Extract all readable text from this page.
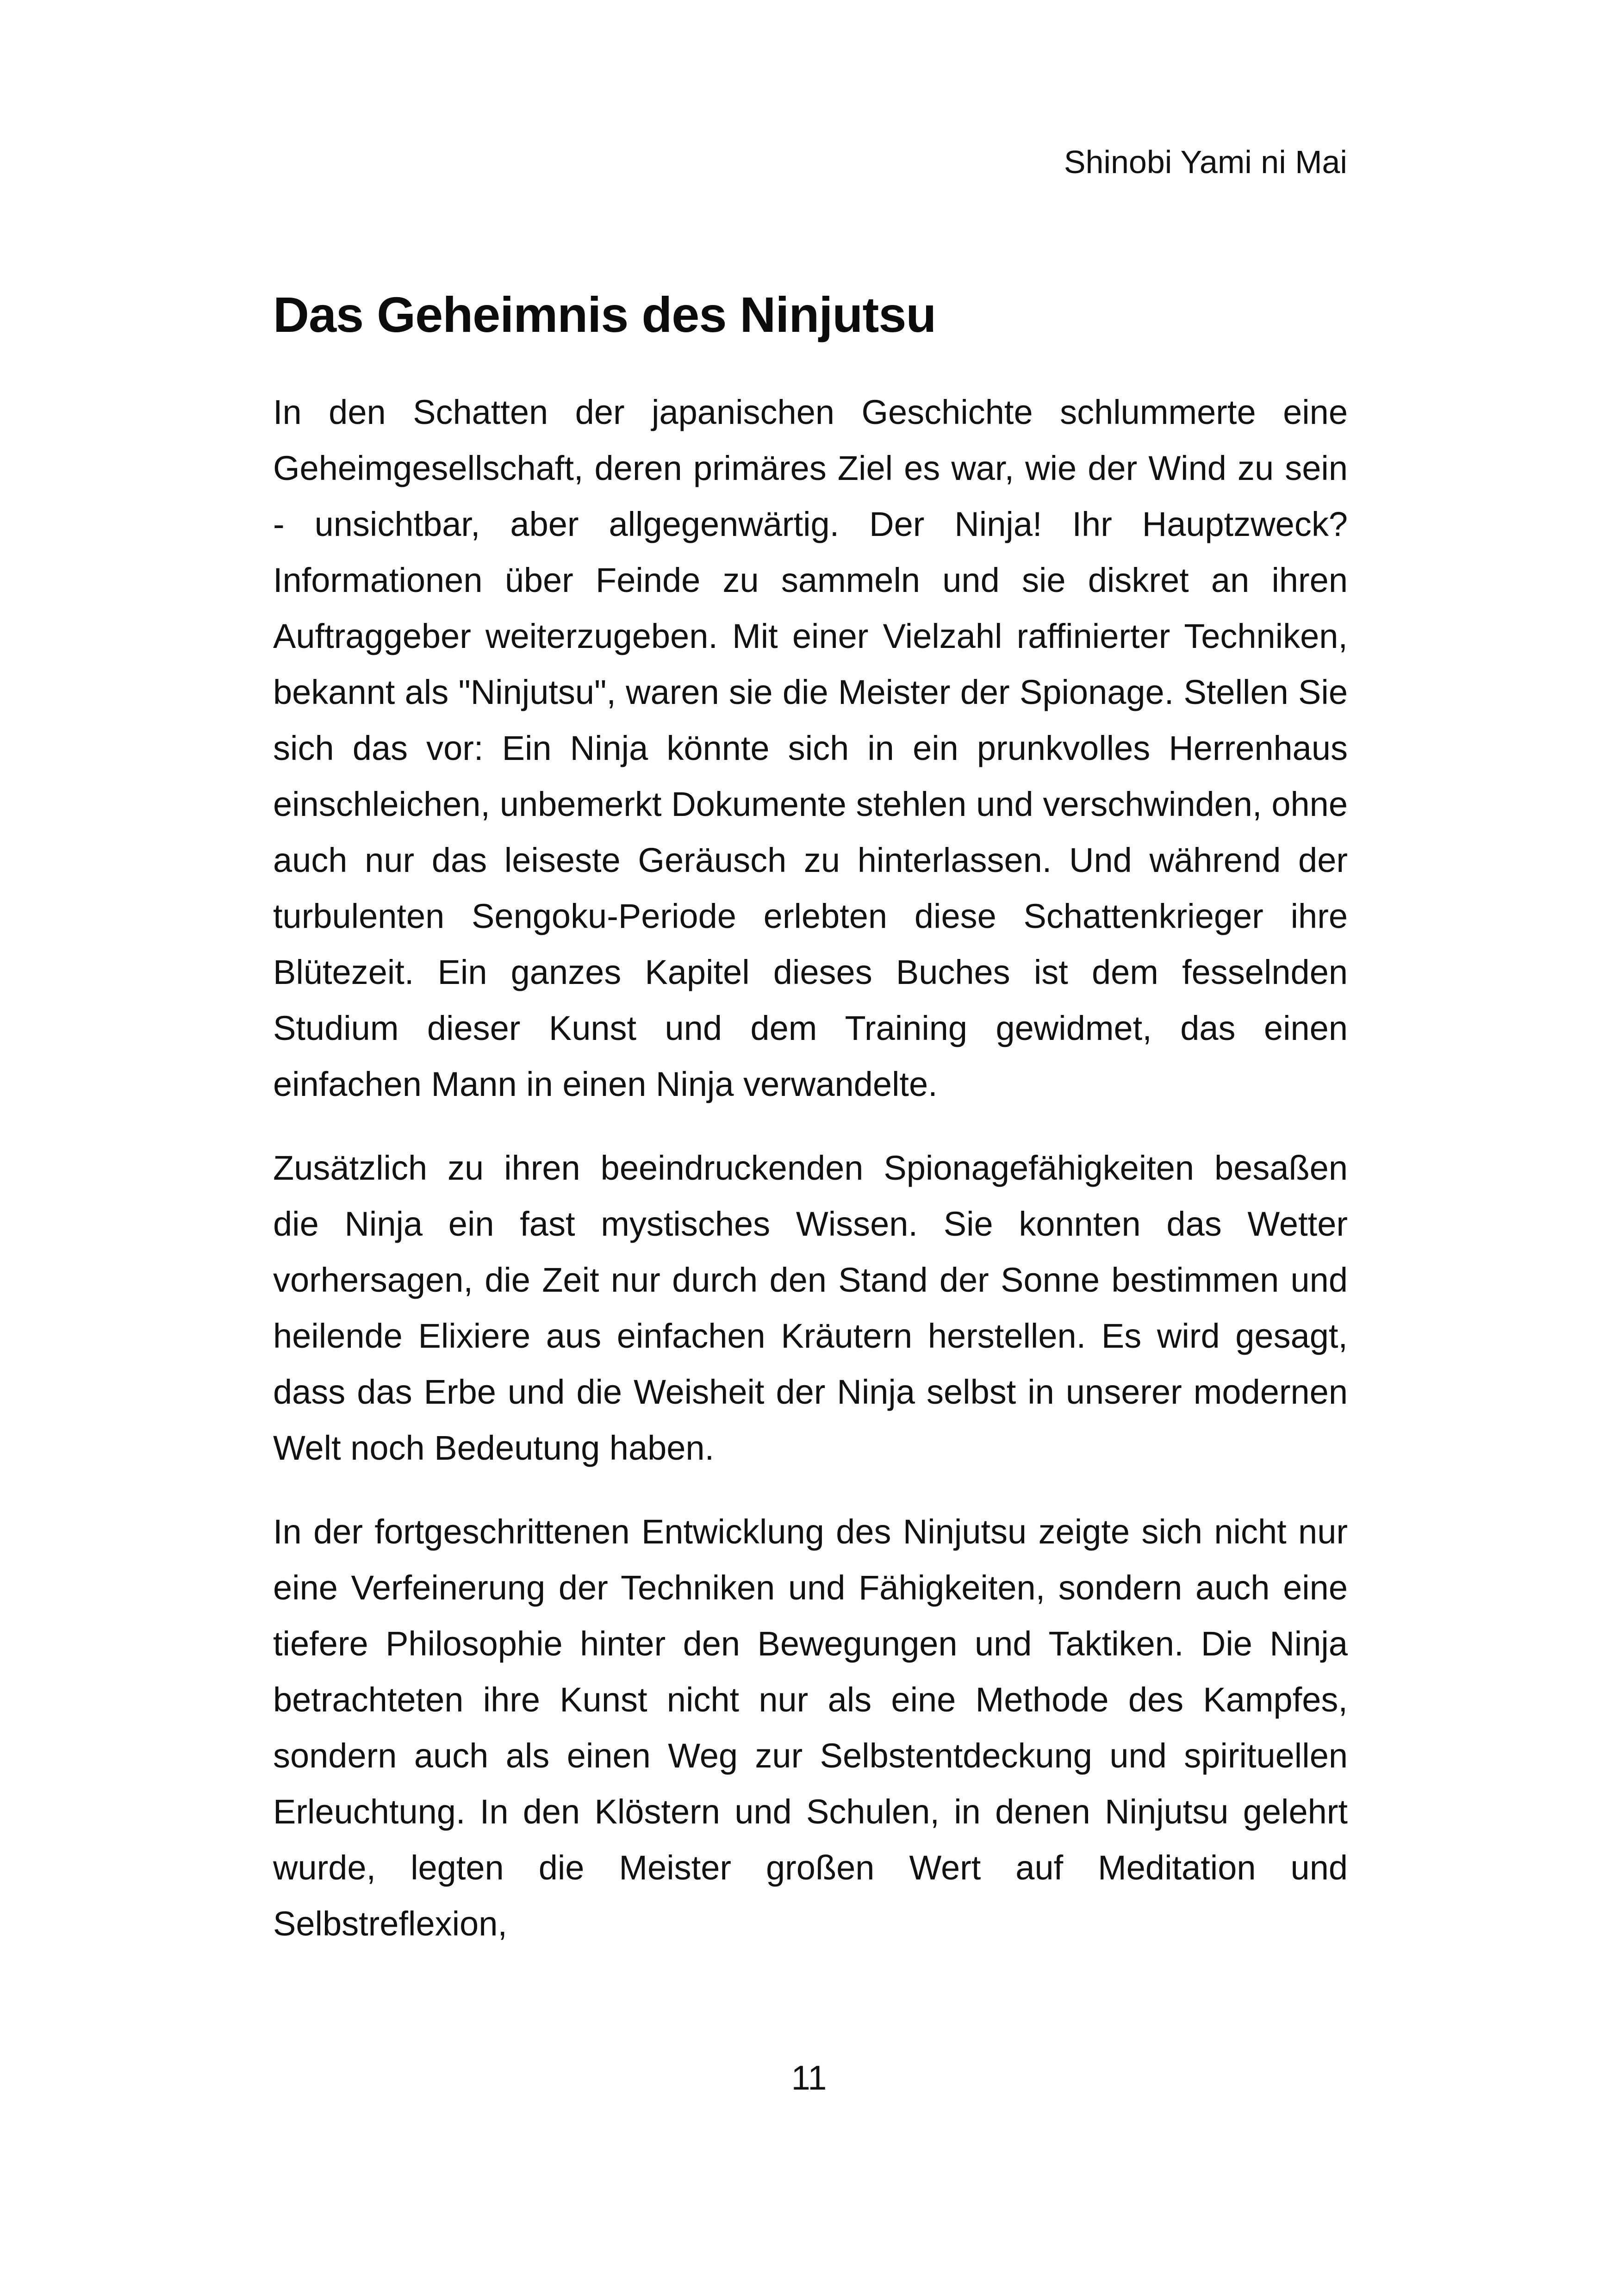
Shinobi Yami ni Mai
Das Geheimnis des Ninjutsu

In den Schatten der japanischen Geschichte schlummerte eine Geheimgesellschaft, deren primäres Ziel es war, wie der Wind zu sein - unsichtbar, aber allgegenwärtig. Der Ninja! Ihr Hauptzweck? Informationen über Feinde zu sammeln und sie diskret an ihren Auftraggeber weiterzugeben. Mit einer Vielzahl raffinierter Techniken, bekannt als "Ninjutsu", waren sie die Meister der Spionage. Stellen Sie sich das vor: Ein Ninja könnte sich in ein prunkvolles Herrenhaus einschleichen, unbemerkt Dokumente stehlen und verschwinden, ohne auch nur das leiseste Geräusch zu hinterlassen. Und während der turbulenten Sengoku-Periode erlebten diese Schattenkrieger ihre Blütezeit. Ein ganzes Kapitel dieses Buches ist dem fesselnden Studium dieser Kunst und dem Training gewidmet, das einen einfachen Mann in einen Ninja verwandelte.

Zusätzlich zu ihren beeindruckenden Spionagefähigkeiten besaßen die Ninja ein fast mystisches Wissen. Sie konnten das Wetter vorhersagen, die Zeit nur durch den Stand der Sonne bestimmen und heilende Elixiere aus einfachen Kräutern herstellen. Es wird gesagt, dass das Erbe und die Weisheit der Ninja selbst in unserer modernen Welt noch Bedeutung haben.

In der fortgeschrittenen Entwicklung des Ninjutsu zeigte sich nicht nur eine Verfeinerung der Techniken und Fähigkeiten, sondern auch eine tiefere Philosophie hinter den Bewegungen und Taktiken. Die Ninja betrachteten ihre Kunst nicht nur als eine Methode des Kampfes, sondern auch als einen Weg zur Selbstentdeckung und spirituellen Erleuchtung. In den Klöstern und Schulen, in denen Ninjutsu gelehrt wurde, legten die Meister großen Wert auf Meditation und Selbstreflexion,

11
